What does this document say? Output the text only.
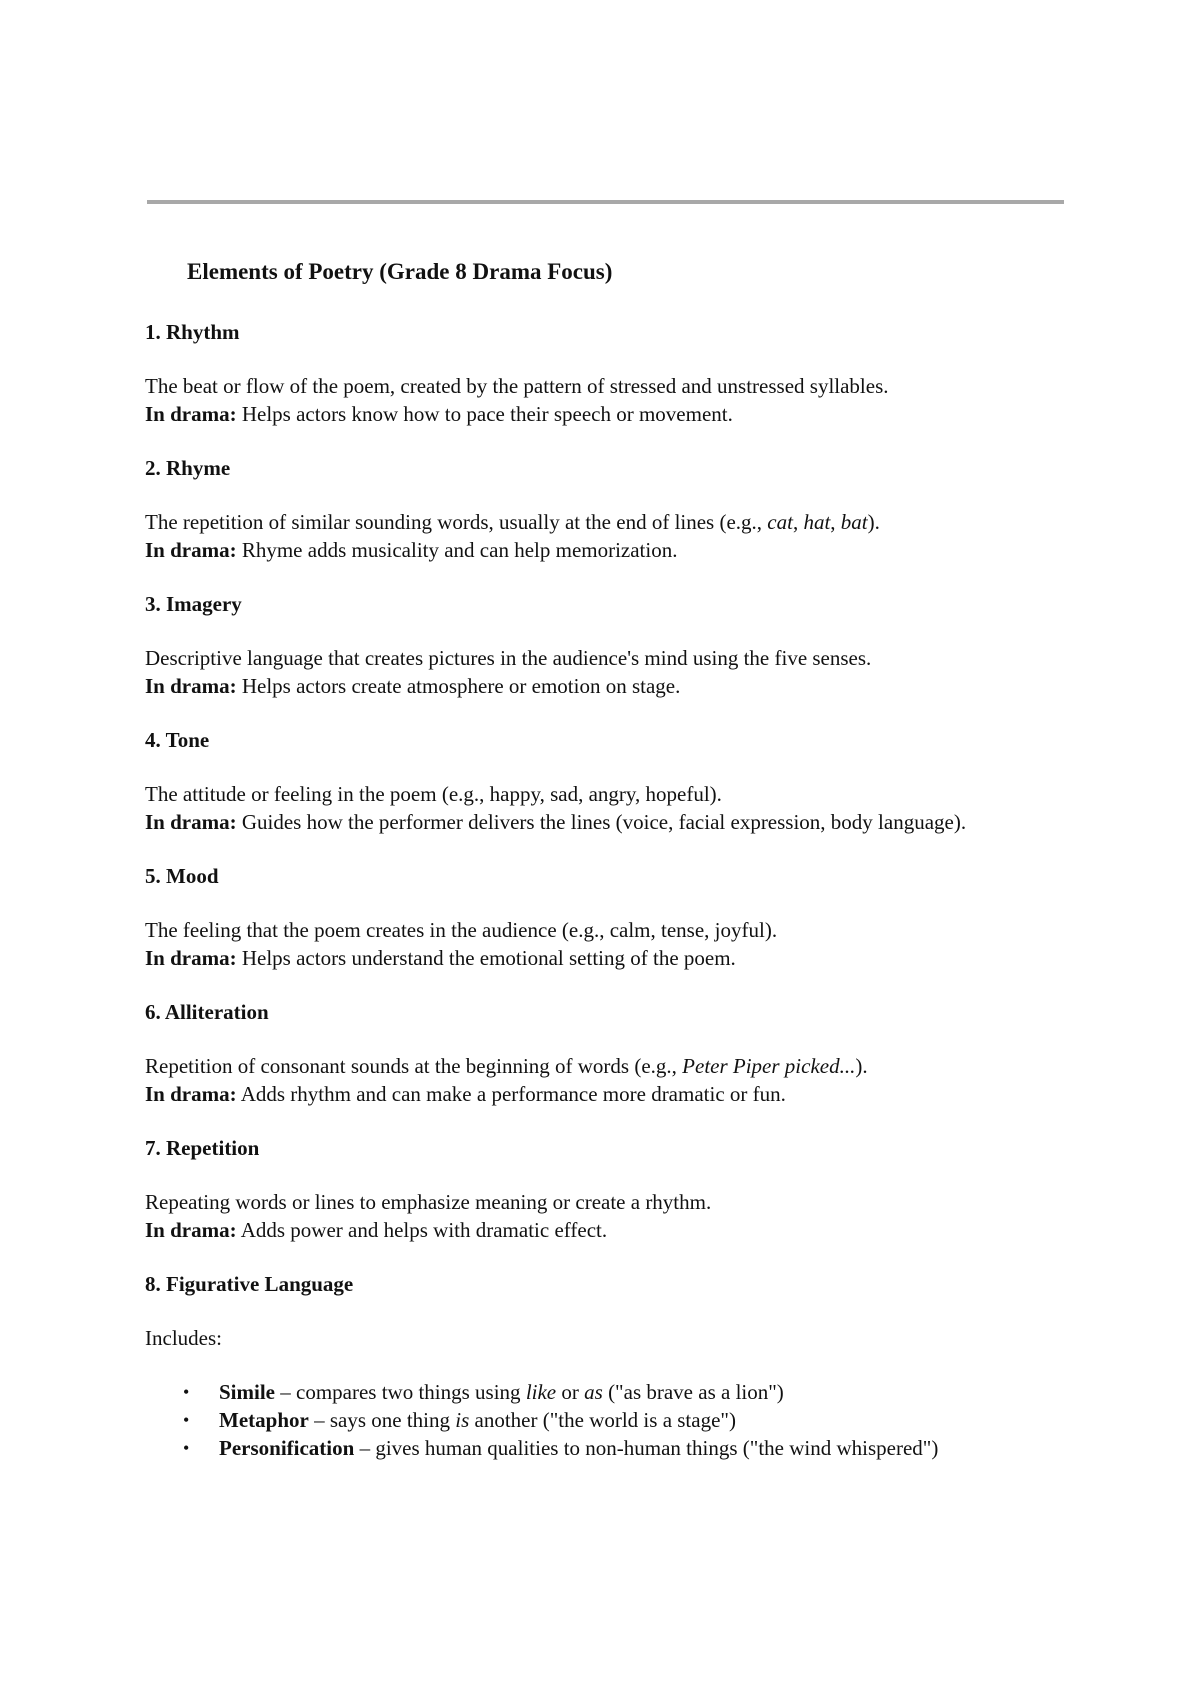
Elements of Poetry (Grade 8 Drama Focus)
1. Rhythm

The beat or flow of the poem, created by the pattern of stressed and unstressed syllables.

In drama: Helps actors know how to pace their speech or movement.

2. Rhyme

The repetition of similar sounding words, usually at the end of lines (e.g., cat, hat, bat).

In drama: Rhyme adds musicality and can help memorization.

3. Imagery

Descriptive language that creates pictures in the audience's mind using the five senses.

In drama: Helps actors create atmosphere or emotion on stage.

4. Tone

The attitude or feeling in the poem (e.g., happy, sad, angry, hopeful).

In drama: Guides how the performer delivers the lines (voice, facial expression, body language).

5. Mood

The feeling that the poem creates in the audience (e.g., calm, tense, joyful).

In drama: Helps actors understand the emotional setting of the poem.

6. Alliteration

Repetition of consonant sounds at the beginning of words (e.g., Peter Piper picked...).

In drama: Adds rhythm and can make a performance more dramatic or fun.

7. Repetition

Repeating words or lines to emphasize meaning or create a rhythm.

In drama: Adds power and helps with dramatic effect.

8. Figurative Language

Includes:

• Simile – compares two things using like or as ("as brave as a lion")
• Metaphor – says one thing is another ("the world is a stage")
• Personification – gives human qualities to non-human things ("the wind whispered")
